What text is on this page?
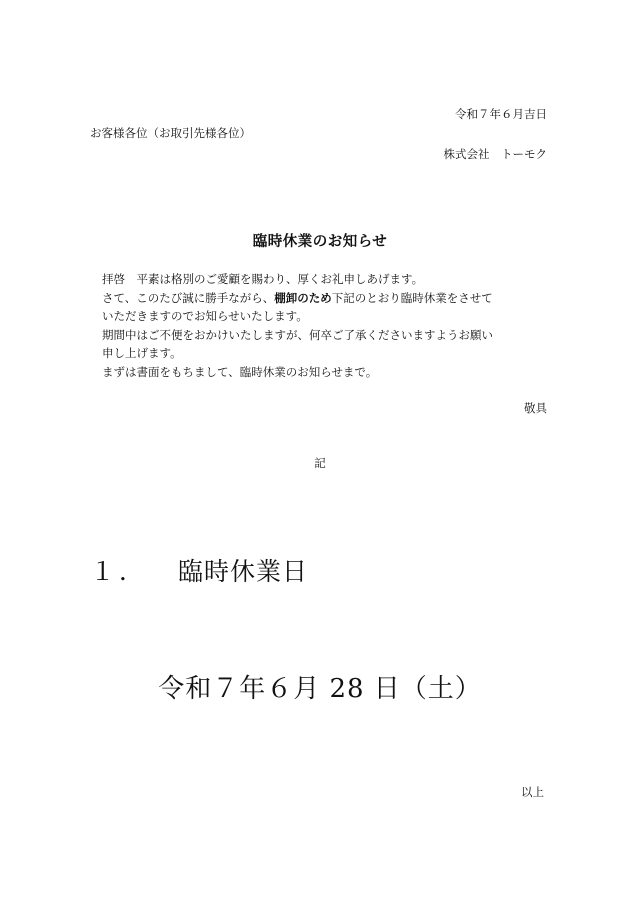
令和７年６月吉日
お客様各位（お取引先様各位）
株式会社　トーモク
臨時休業のお知らせ

拝啓　平素は格別のご愛顧を賜わり、厚くお礼申しあげます。

さて、このたび誠に勝手ながら、棚卸のため下記のとおり臨時休業をさせて

いただきますのでお知らせいたします。

期間中はご不便をおかけいたしますが、何卒ご了承くださいますようお願い

申し上げます。

まずは書面をもちまして、臨時休業のお知らせまで。

敬具
記
１． 臨時休業日
令和７年６月 28 日（土）
以上
